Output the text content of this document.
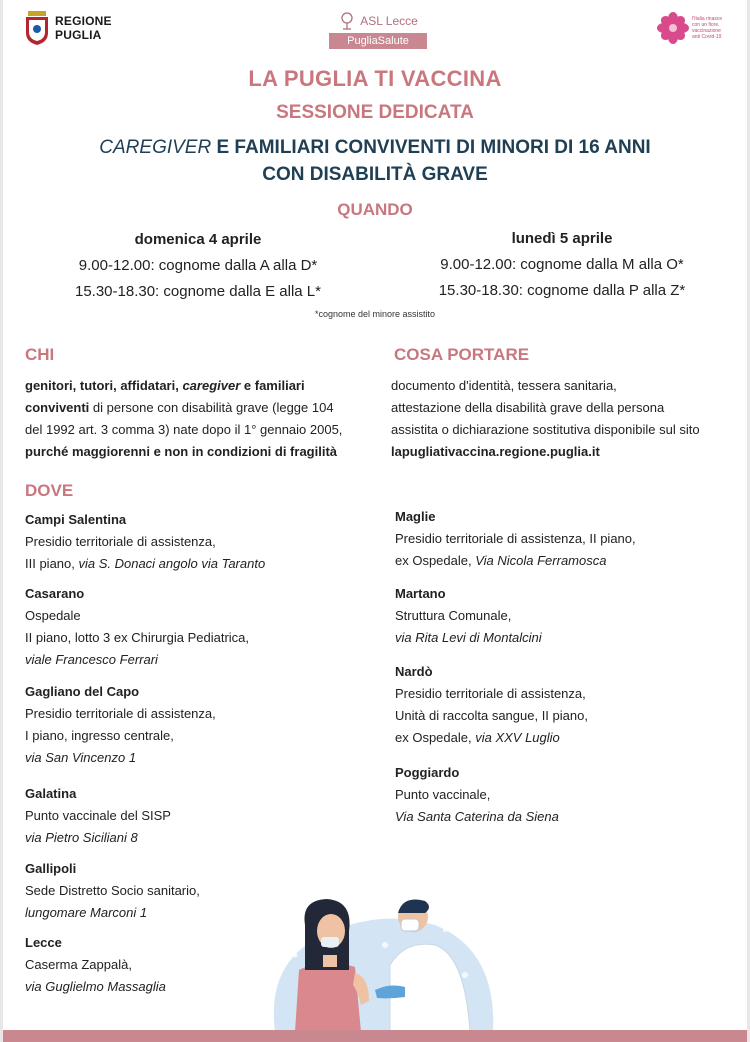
REGIONE
PUGLIA
ASL Lecce
PugliaSalute
l'Italia rinasce con un fiore. vaccinazione anti Covid-19
LA PUGLIA TI VACCINA
SESSIONE DEDICATA
CAREGIVER E FAMILIARI CONVIVENTI DI MINORI DI 16 ANNI
CON DISABILITÀ GRAVE
QUANDO
domenica 4 aprile
9.00-12.00: cognome dalla A alla D*
15.30-18.30: cognome dalla E alla L*
lunedì 5 aprile
9.00-12.00: cognome dalla M alla O*
15.30-18.30: cognome dalla P alla Z*
*cognome del minore assistito
CHI
genitori, tutori, affidatari, caregiver e familiari
conviventi di persone con disabilità grave (legge 104
del 1992 art. 3 comma 3) nate dopo il 1° gennaio 2005,
purché maggiorenni e non in condizioni di fragilità
COSA PORTARE
documento d'identità, tessera sanitaria,
attestazione della disabilità grave della persona
assistita o dichiarazione sostitutiva disponibile sul sito
lapugliativaccina.regione.puglia.it
DOVE
Campi Salentina
Presidio territoriale di assistenza,
III piano, via S. Donaci angolo via Taranto
Casarano
Ospedale
II piano, lotto 3 ex Chirurgia Pediatrica,
viale Francesco Ferrari
Gagliano del Capo
Presidio territoriale di assistenza,
I piano, ingresso centrale,
via San Vincenzo 1
Galatina
Punto vaccinale del SISP
via Pietro Siciliani 8
Gallipoli
Sede Distretto Socio sanitario,
lungomare Marconi 1
Lecce
Caserma Zappalà,
via Guglielmo Massaglia
Maglie
Presidio territoriale di assistenza, II piano,
ex Ospedale, Via Nicola Ferramosca
Martano
Struttura Comunale,
via Rita Levi di Montalcini
Nardò
Presidio territoriale di assistenza,
Unità di raccolta sangue, II piano,
ex Ospedale, via XXV Luglio
Poggiardo
Punto vaccinale,
Via Santa Caterina da Siena
